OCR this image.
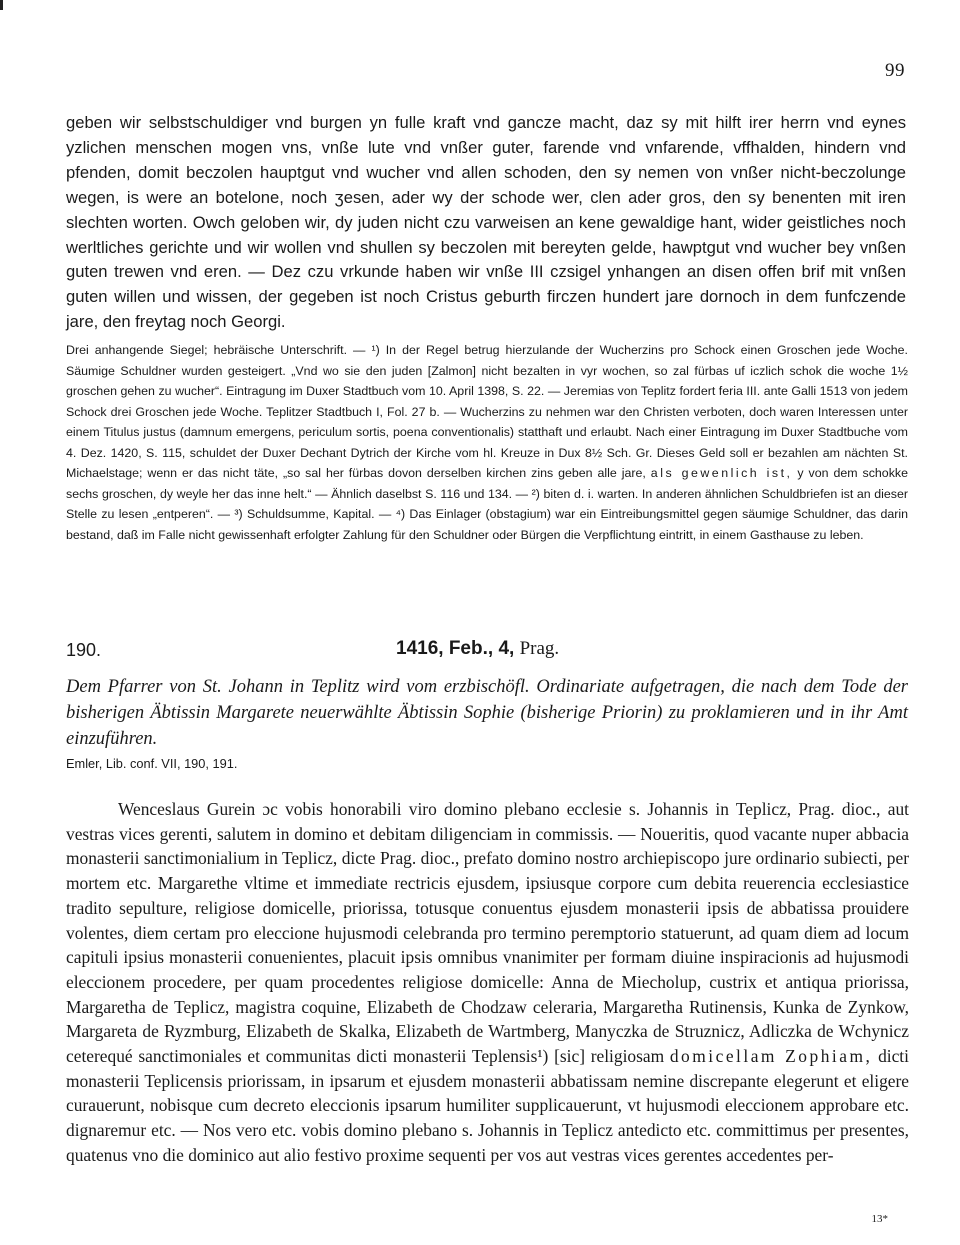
99

geben wir selbstschuldiger vnd burgen yn fulle kraft vnd gancze macht, daz sy mit hilft irer herrn vnd eynes yzlichen menschen mogen vns, vnße lute vnd vnßer guter, farende vnd vnfarende, vffhalden, hindern vnd pfenden, domit beczolen hauptgut vnd wucher vnd allen schoden, den sy nemen von vnßer nicht-beczolunge wegen, is were an botelone, noch ʒesen, ader wy der schode wer, clen ader gros, den sy benenten mit iren slechten worten. Owch geloben wir, dy juden nicht czu varweisen an kene gewaldige hant, wider geistliches noch werltliches gerichte und wir wollen vnd shullen sy beczolen mit bereyten gelde, hawptgut vnd wucher bey vnßen guten trewen vnd eren. — Dez czu vrkunde haben wir vnße III czsigel ynhangen an disen offen brif mit vnßen guten willen und wissen, der gegeben ist noch Cristus geburth firczen hundert jare dornoch in dem funfczende jare, den freytag noch Georgi.

Drei anhangende Siegel; hebräische Unterschrift. — ¹) In der Regel betrug hierzulande der Wucherzins pro Schock einen Groschen jede Woche. Säumige Schuldner wurden gesteigert. „Vnd wo sie den juden [Zalmon] nicht bezalten in vyr wochen, so zal fürbas uf iczlich schok die woche 1½ groschen gehen zu wucher“. Eintragung im Duxer Stadtbuch vom 10. April 1398, S. 22. — Jeremias von Teplitz fordert feria III. ante Galli 1513 von jedem Schock drei Groschen jede Woche. Teplitzer Stadtbuch I, Fol. 27 b. — Wucherzins zu nehmen war den Christen verboten, doch waren Interessen unter einem Titulus justus (damnum emergens, periculum sortis, poena conventionalis) statthaft und erlaubt. Nach einer Eintragung im Duxer Stadtbuche vom 4. Dez. 1420, S. 115, schuldet der Duxer Dechant Dytrich der Kirche vom hl. Kreuze in Dux 8½ Sch. Gr. Dieses Geld soll er bezahlen am nächten St. Michaelstage; wenn er das nicht täte, „so sal her fürbas dovon derselben kirchen zins geben alle jare, als gewenlich ist, y von dem schokke sechs groschen, dy weyle her das inne helt.“ — Ähnlich daselbst S. 116 und 134. — ²) biten d. i. warten. In anderen ähnlichen Schuldbriefen ist an dieser Stelle zu lesen „entperen“. — ³) Schuldsumme, Kapital. — ⁴) Das Einlager (obstagium) war ein Eintreibungsmittel gegen säumige Schuldner, das darin bestand, daß im Falle nicht gewissenhaft erfolgter Zahlung für den Schuldner oder Bürgen die Verpflichtung eintritt, in einem Gasthause zu leben.

190.	1416, Feb., 4, Prag.

Dem Pfarrer von St. Johann in Teplitz wird vom erzbischöfl. Ordinariate aufgetragen, die nach dem Tode der bisherigen Äbtissin Margarete neuerwählte Äbtissin Sophie (bisherige Priorin) zu proklamieren und in ihr Amt einzuführen.

Emler, Lib. conf. VII, 190, 191.

Wenceslaus Gurein ɔc vobis honorabili viro domino plebano ecclesie s. Johannis in Teplicz, Prag. dioc., aut vestras vices gerenti, salutem in domino et debitam diligenciam in commissis. — Noueritis, quod vacante nuper abbacia monasterii sanctimonialium in Teplicz, dicte Prag. dioc., prefato domino nostro archiepiscopo jure ordinario subiecti, per mortem etc. Margarethe vltime et immediate rectricis ejusdem, ipsiusque corpore cum debita reuerencia ecclesiastice tradito sepulture, religiose domicelle, priorissa, totusque conuentus ejusdem monasterii ipsis de abbatissa prouidere volentes, diem certam pro eleccione hujusmodi celebranda pro termino peremptorio statuerunt, ad quam diem ad locum capituli ipsius monasterii conuenientes, placuit ipsis omnibus vnanimiter per formam diuine inspiracionis ad hujusmodi eleccionem procedere, per quam procedentes religiose domicelle: Anna de Miecholup, custrix et antiqua priorissa, Margaretha de Teplicz, magistra coquine, Elizabeth de Chodzaw celeraria, Margaretha Rutinensis, Kunka de Zynkow, Margareta de Ryzmburg, Elizabeth de Skalka, Elizabeth de Wartmberg, Manyczka de Struznicz, Adliczka de Wchynicz ceterequé sanctimoniales et communitas dicti monasterii Teplensis¹) [sic] religiosam domicellam Zophiam, dicti monasterii Teplicensis priorissam, in ipsarum et ejusdem monasterii abbatissam nemine discrepante elegerunt et eligere curauerunt, nobisque cum decreto eleccionis ipsarum humiliter supplicauerunt, vt hujusmodi eleccionem approbare etc. dignaremur etc. — Nos vero etc. vobis domino plebano s. Johannis in Teplicz antedicto etc. committimus per presentes, quatenus vno die dominico aut alio festivo proxime sequenti per vos aut vestras vices gerentes accedentes per-

13*
